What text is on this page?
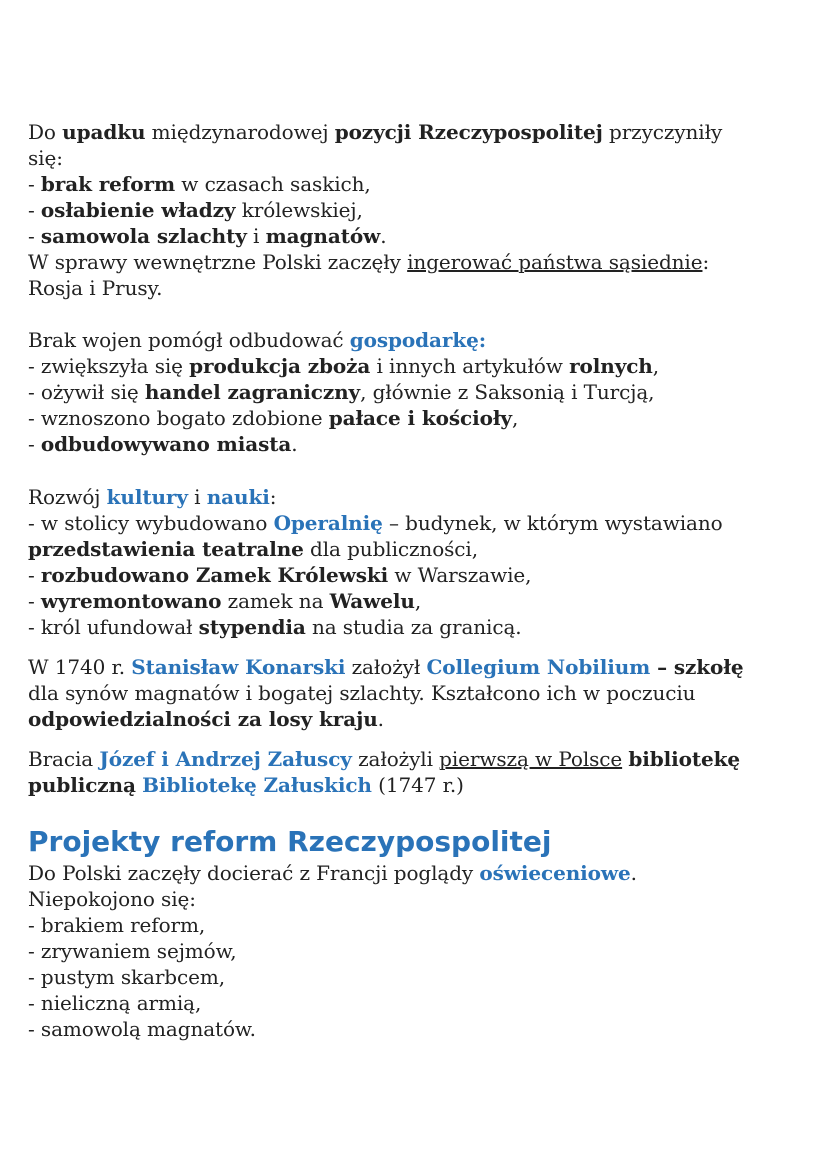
Do upadku międzynarodowej pozycji Rzeczypospolitej przyczyniły
się:
- brak reform w czasach saskich,
- osłabienie władzy królewskiej,
- samowola szlachty i magnatów.
W sprawy wewnętrzne Polski zaczęły ingerować państwa sąsiednie:
Rosja i Prusy.
Brak wojen pomógł odbudować gospodarkę:
- zwiększyła się produkcja zboża i innych artykułów rolnych,
- ożywił się handel zagraniczny, głównie z Saksonią i Turcją,
- wznoszono bogato zdobione pałace i kościoły,
- odbudowywano miasta.
Rozwój kultury i nauki:
- w stolicy wybudowano Operalnię – budynek, w którym wystawiano
przedstawienia teatralne dla publiczności,
- rozbudowano Zamek Królewski w Warszawie,
- wyremontowano zamek na Wawelu,
- król ufundował stypendia na studia za granicą.
W 1740 r. Stanisław Konarski założył Collegium Nobilium – szkołę
dla synów magnatów i bogatej szlachty. Kształcono ich w poczuciu
odpowiedzialności za losy kraju.
Bracia Józef i Andrzej Załuscy założyli pierwszą w Polsce bibliotekę
publiczną Bibliotekę Załuskich (1747 r.)
Projekty reform Rzeczypospolitej
Do Polski zaczęły docierać z Francji poglądy oświeceniowe.
Niepokojono się:
- brakiem reform,
- zrywaniem sejmów,
- pustym skarbcem,
- nieliczną armią,
- samowolą magnatów.
